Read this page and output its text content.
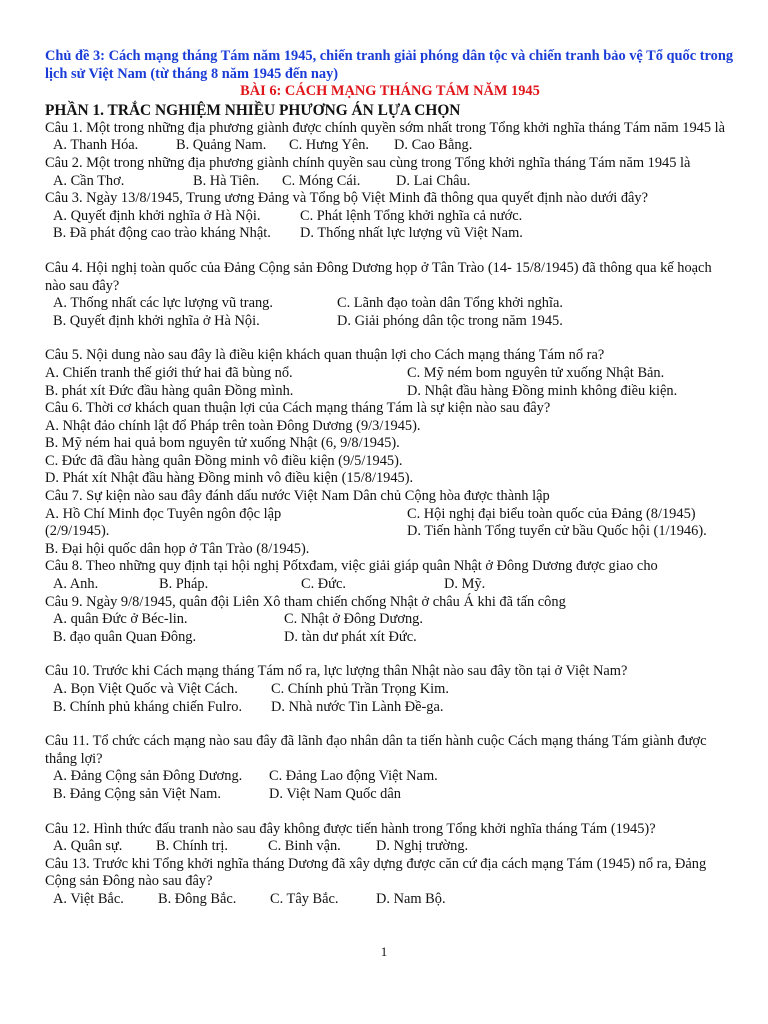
Chủ đề 3: Cách mạng tháng Tám năm 1945, chiến tranh giải phóng dân tộc và chiến tranh bảo vệ Tổ quốc trong lịch sử Việt Nam (từ tháng 8 năm 1945 đến nay)

BÀI 6: CÁCH MẠNG THÁNG TÁM NĂM 1945

PHẦN 1. TRẮC NGHIỆM NHIỀU PHƯƠNG ÁN LỰA CHỌN

Câu 1. Một trong những địa phương giành được chính quyền sớm nhất trong Tổng khởi nghĩa tháng Tám năm 1945 là

A. Thanh Hóa.	B. Quảng Nam.	C. Hưng Yên.	D. Cao Bằng.

Câu 2. Một trong những địa phương giành chính quyền sau cùng trong Tổng khởi nghĩa tháng Tám năm 1945 là

A. Cần Thơ.	B. Hà Tiên.	C. Móng Cái.	D. Lai Châu.

Câu 3. Ngày 13/8/1945, Trung ương Đảng và Tổng bộ Việt Minh đã thông qua quyết định nào dưới đây?

A. Quyết định khởi nghĩa ở Hà Nội.	C. Phát lệnh Tổng khởi nghĩa cả nước.
B. Đã phát động cao trào kháng Nhật.	D. Thống nhất lực lượng vũ Việt Nam.

Câu 4. Hội nghị toàn quốc của Đảng Cộng sản Đông Dương họp ở Tân Trào (14- 15/8/1945) đã thông qua kế hoạch nào sau đây?

A. Thống nhất các lực lượng vũ trang.	C. Lãnh đạo toàn dân Tổng khởi nghĩa.
B. Quyết định khởi nghĩa ở Hà Nội.	D. Giải phóng dân tộc trong năm 1945.

Câu 5. Nội dung nào sau đây là điều kiện khách quan thuận lợi cho Cách mạng tháng Tám nổ ra?

A. Chiến tranh thế giới thứ hai đã bùng nổ.	C. Mỹ ném bom nguyên tử xuống Nhật Bản.
B. phát xít Đức đầu hàng quân Đồng mình.	D. Nhật đầu hàng Đồng minh không điều kiện.

Câu 6. Thời cơ khách quan thuận lợi của Cách mạng tháng Tám là sự kiện nào sau đây?

A. Nhật đảo chính lật đổ Pháp trên toàn Đông Dương (9/3/1945).

B. Mỹ ném hai quả bom nguyên tử xuống Nhật (6, 9/8/1945).

C. Đức đã đầu hàng quân Đồng minh vô điều kiện (9/5/1945).

D. Phát xít Nhật đầu hàng Đồng minh vô điều kiện (15/8/1945).

Câu 7. Sự kiện nào sau đây đánh dấu nước Việt Nam Dân chủ Cộng hòa được thành lập

A. Hồ Chí Minh đọc Tuyên ngôn độc lập	C. Hội nghị đại biểu toàn quốc của Đảng (8/1945)
(2/9/1945).	D. Tiến hành Tổng tuyển cử bầu Quốc hội (1/1946).

B. Đại hội quốc dân họp ở Tân Trào (8/1945).

Câu 8. Theo những quy định tại hội nghị Pốtxđam, việc giải giáp quân Nhật ở Đông Dương được giao cho

A. Anh.	B. Pháp.	C. Đức.	D. Mỹ.

Câu 9. Ngày 9/8/1945, quân đội Liên Xô tham chiến chống Nhật ở châu Á khi đã tấn công

A. quân Đức ở Béc-lin.	C. Nhật ở Đông Dương.
B. đạo quân Quan Đông.	D. tàn dư phát xít Đức.

Câu 10. Trước khi Cách mạng tháng Tám nổ ra, lực lượng thân Nhật nào sau đây tồn tại ở Việt Nam?

A. Bọn Việt Quốc và Việt Cách.	C. Chính phủ Trần Trọng Kim.
B. Chính phủ kháng chiến Fulro.	D. Nhà nước Tin Lành Đề-ga.

Câu 11. Tổ chức cách mạng nào sau đây đã lãnh đạo nhân dân ta tiến hành cuộc Cách mạng tháng Tám giành được thắng lợi?

A. Đảng Cộng sản Đông Dương.	C. Đảng Lao động Việt Nam.
B. Đảng Cộng sản Việt Nam.	D. Việt Nam Quốc dân

Câu 12. Hình thức đấu tranh nào sau đây không được tiến hành trong Tổng khởi nghĩa tháng Tám (1945)?

A. Quân sự.	B. Chính trị.	C. Binh vận.	D. Nghị trường.

Câu 13. Trước khi Tổng khởi nghĩa tháng Dương đã xây dựng được căn cứ địa cách mạng Tám (1945) nổ ra, Đảng Cộng sản Đông nào sau đây?

A. Việt Bắc.	B. Đông Bắc.	C. Tây Bắc.	D. Nam Bộ.
1
